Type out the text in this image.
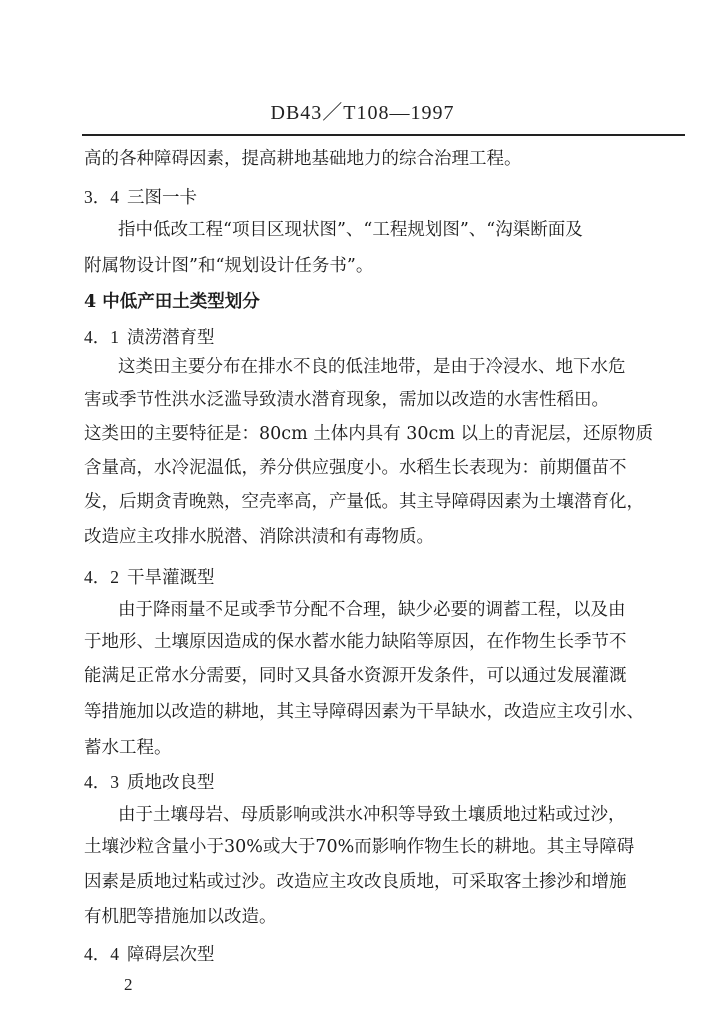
DB43／T108—1997
高的各种障碍因素，提高耕地基础地力的综合治理工程。
3．4 三图一卡
指中低改工程“项目区现状图”、“工程规划图”、“沟渠断面及
附属物设计图”和“规划设计任务书”。
4 中低产田土类型划分
4．1 渍涝潜育型
这类田主要分布在排水不良的低洼地带，是由于冷浸水、地下水危
害或季节性洪水泛滥导致渍水潜育现象，需加以改造的水害性稻田。
这类田的主要特征是：80cm 土体内具有 30cm 以上的青泥层，还原物质
含量高，水冷泥温低，养分供应强度小。水稻生长表现为：前期僵苗不
发，后期贪青晚熟，空壳率高，产量低。其主导障碍因素为土壤潜育化，
改造应主攻排水脱潜、消除洪渍和有毒物质。
4．2 干旱灌溉型
由于降雨量不足或季节分配不合理，缺少必要的调蓄工程，以及由
于地形、土壤原因造成的保水蓄水能力缺陷等原因，在作物生长季节不
能满足正常水分需要，同时又具备水资源开发条件，可以通过发展灌溉
等措施加以改造的耕地，其主导障碍因素为干旱缺水，改造应主攻引水、
蓄水工程。
4．3 质地改良型
由于土壤母岩、母质影响或洪水冲积等导致土壤质地过粘或过沙，
土壤沙粒含量小于30%或大于70%而影响作物生长的耕地。其主导障碍
因素是质地过粘或过沙。改造应主攻改良质地，可采取客土掺沙和增施
有机肥等措施加以改造。
4．4 障碍层次型
2
